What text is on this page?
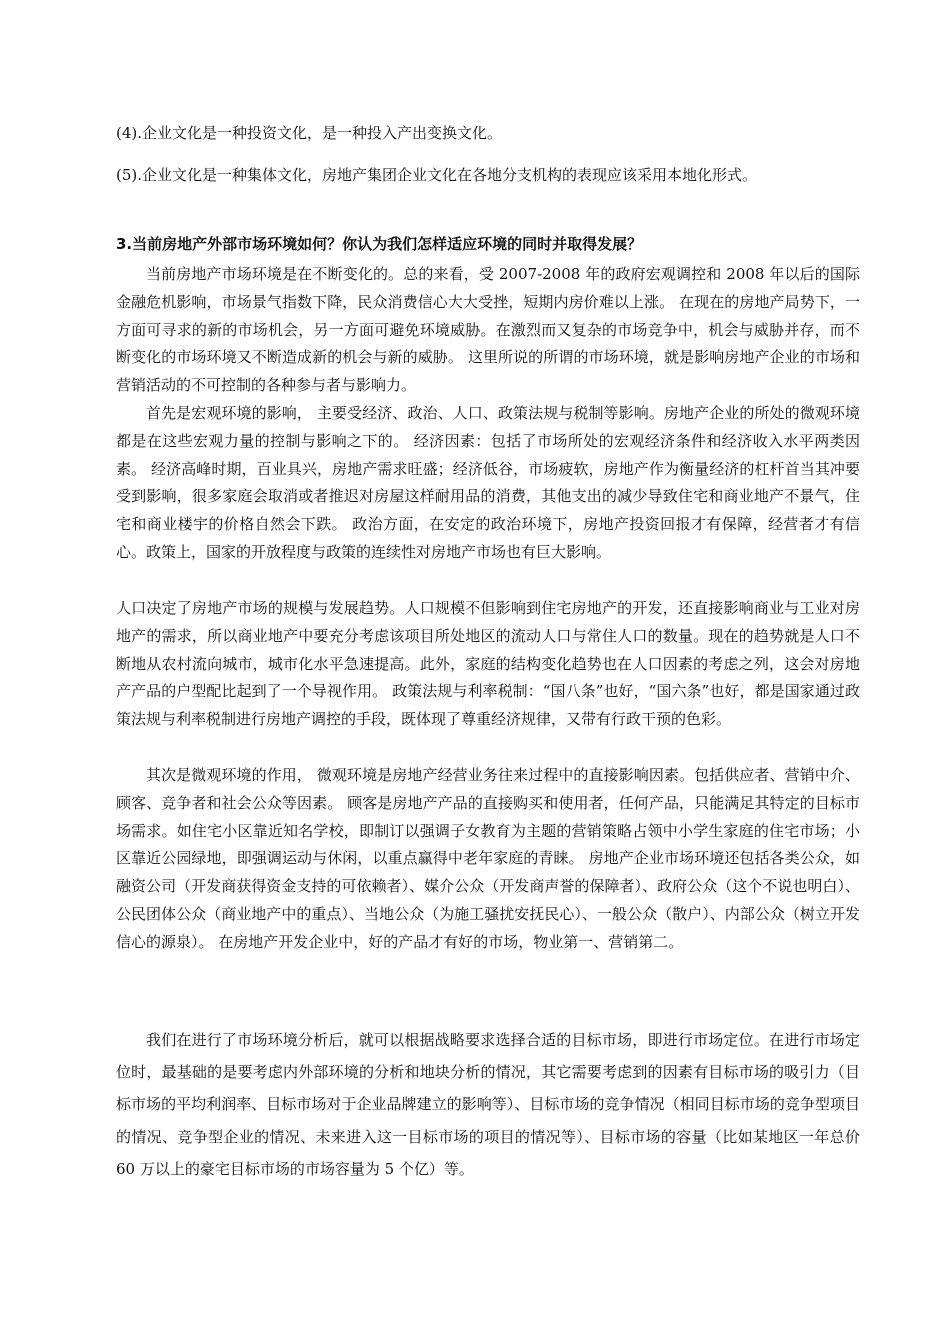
(4).企业文化是一种投资文化，是一种投入产出变换文化。

(5).企业文化是一种集体文化，房地产集团企业文化在各地分支机构的表现应该采用本地化形式。

3.当前房地产外部市场环境如何？你认为我们怎样适应环境的同时并取得发展？

当前房地产市场环境是在不断变化的。总的来看，受 2007-2008 年的政府宏观调控和 2008 年以后的国际金融危机影响，市场景气指数下降，民众消费信心大大受挫，短期内房价难以上涨。 在现在的房地产局势下，一方面可寻求的新的市场机会，另一方面可避免环境威胁。在激烈而又复杂的市场竞争中，机会与威胁并存，而不断变化的市场环境又不断造成新的机会与新的威胁。 这里所说的所谓的市场环境，就是影响房地产企业的市场和营销活动的不可控制的各种参与者与影响力。

首先是宏观环境的影响， 主要受经济、政治、人口、政策法规与税制等影响。房地产企业的所处的微观环境都是在这些宏观力量的控制与影响之下的。 经济因素：包括了市场所处的宏观经济条件和经济收入水平两类因素。 经济高峰时期，百业具兴，房地产需求旺盛；经济低谷，市场疲软，房地产作为衡量经济的杠杆首当其冲要受到影响，很多家庭会取消或者推迟对房屋这样耐用品的消费，其他支出的减少导致住宅和商业地产不景气，住宅和商业楼宇的价格自然会下跌。 政治方面，在安定的政治环境下，房地产投资回报才有保障，经营者才有信心。政策上，国家的开放程度与政策的连续性对房地产市场也有巨大影响。

人口决定了房地产市场的规模与发展趋势。人口规模不但影响到住宅房地产的开发，还直接影响商业与工业对房地产的需求，所以商业地产中要充分考虑该项目所处地区的流动人口与常住人口的数量。现在的趋势就是人口不断地从农村流向城市，城市化水平急速提高。此外，家庭的结构变化趋势也在人口因素的考虑之列，这会对房地产产品的户型配比起到了一个导视作用。 政策法规与利率税制：“国八条”也好，“国六条”也好，都是国家通过政策法规与利率税制进行房地产调控的手段，既体现了尊重经济规律，又带有行政干预的色彩。

其次是微观环境的作用， 微观环境是房地产经营业务往来过程中的直接影响因素。包括供应者、营销中介、顾客、竞争者和社会公众等因素。 顾客是房地产产品的直接购买和使用者，任何产品，只能满足其特定的目标市场需求。如住宅小区靠近知名学校，即制订以强调子女教育为主题的营销策略占领中小学生家庭的住宅市场；小区靠近公园绿地，即强调运动与休闲，以重点赢得中老年家庭的青睐。 房地产企业市场环境还包括各类公众，如融资公司（开发商获得资金支持的可依赖者）、媒介公众（开发商声誉的保障者）、政府公众（这个不说也明白）、公民团体公众（商业地产中的重点）、当地公众（为施工骚扰安抚民心）、一般公众（散户）、内部公众（树立开发信心的源泉）。 在房地产开发企业中，好的产品才有好的市场，物业第一、营销第二。

我们在进行了市场环境分析后，就可以根据战略要求选择合适的目标市场，即进行市场定位。在进行市场定位时，最基础的是要考虑内外部环境的分析和地块分析的情况，其它需要考虑到的因素有目标市场的吸引力（目标市场的平均利润率、目标市场对于企业品牌建立的影响等）、目标市场的竞争情况（相同目标市场的竞争型项目的情况、竞争型企业的情况、未来进入这一目标市场的项目的情况等）、目标市场的容量（比如某地区一年总价 60 万以上的豪宅目标市场的市场容量为 5 个亿）等。
